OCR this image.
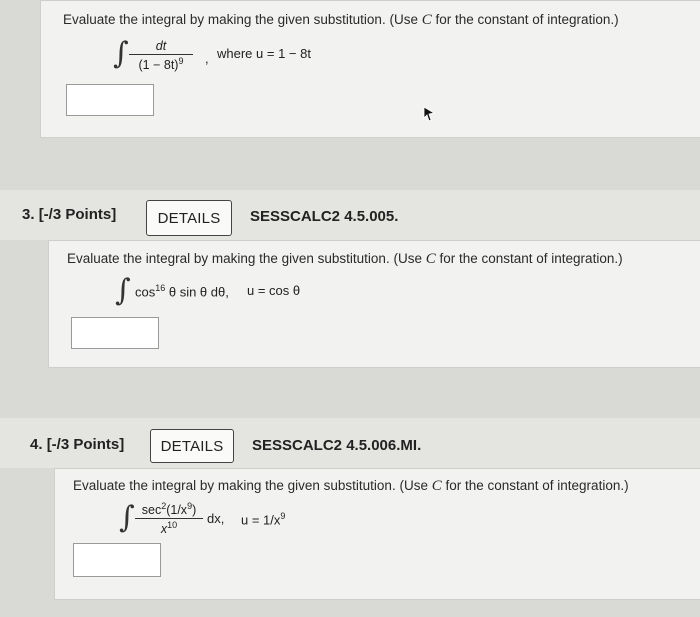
Evaluate the integral by making the given substitution. (Use C for the constant of integration.)
∫	dt
$(1 - 8t)^9$	, where u = 1 − 8t
3. [-/3 Points]	DETAILS	SESSCALC2 4.5.005.
Evaluate the integral by making the given substitution. (Use C for the constant of integration.)
∫ $\cos^{16} \theta$ sin θ dθ, u = cos θ
4. [-/3 Points]	DETAILS	SESSCALC2 4.5.006.MI.
Evaluate the integral by making the given substitution. (Use C for the constant of integration.)
∫ $\sec^2(1/x^9)$
$x^{10}$	dx, $u = 1/x^9$
